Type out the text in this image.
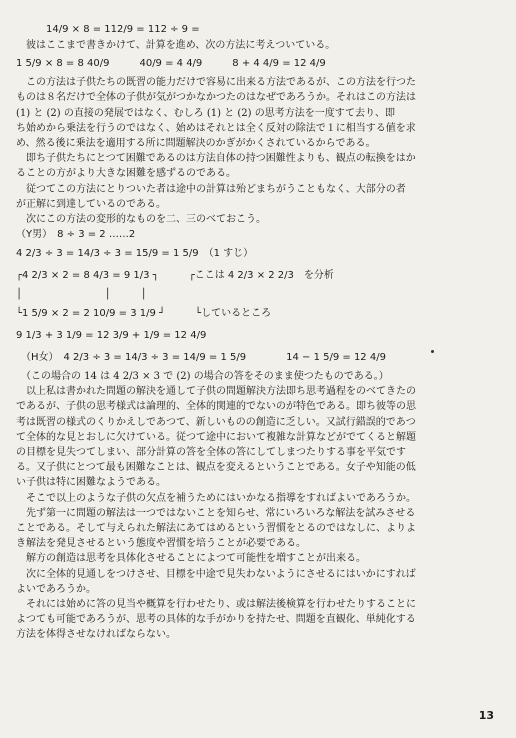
　　14/9 × 8 = 112/9 = 112 ÷ 9 =
　彼はここまで書きかけて、計算を進め、次の方法に考えついている。
1 5/9 × 8 = 8 40/9　　　40/9 = 4 4/9　　　8 + 4 4/9 = 12 4/9
　この方法は子供たちの既習の能力だけで容易に出来る方法であるが、この方法を行つた
ものは８名だけで全体の子供が気がつかなかつたのはなぜであろうか。それはこの方法は
(1) と (2) の直接の発展ではなく、むしろ (1) と (2) の思考方法を一度すて去り、即
ち始めから乗法を行うのではなく、始めはそれとは全く反対の除法で１に相当する値を求
め、然る後に乗法を適用する所に問題解決のかぎがかくされているからである。
　即ち子供たちにとつて困難であるのは方法自体の持つ困難性よりも、観点の転換をはか
ることの方がより大きな困難を感ずるのである。
　従つてこの方法にとりついた者は途中の計算は殆どまちがうこともなく、大部分の者
が正解に到達しているのである。
　次にこの方法の変形的なものを二、三のべておこう。
（Y男）　8 ÷ 3 = 2 ……2
4 2/3 ÷ 3 = 14/3 ÷ 3 = 15/9 = 1 5/9　（1 すじ）
┌4 2/3 × 2 = 8 4/3 = 9 1/3 ┐　　　┌ここは 4 2/3 × 2 2/3　を分析
│                          │　　　│
└1 5/9 × 2 = 2 10/9 = 3 1/9 ┘　　　└しているところ
9 1/3 + 3 1/9 = 12 3/9 + 1/9 = 12 4/9
　（H女）　4 2/3 ÷ 3 = 14/3 ÷ 3 = 14/9 = 1 5/9　　　　14 − 1 5/9 = 12 4/9
　（この場合の 14 は 4 2/3 × 3 で (2) の場合の答をそのまま使つたものである。）
　以上私は書かれた問題の解決を通して子供の問題解決方法即ち思考過程をのべてきたの
であるが、子供の思考様式は論理的、全体的関連的でないのが特色である。即ち彼等の思
考は既習の様式のくりかえしであつて、新しいものの創造に乏しい。又試行錯誤的であつ
て全体的な見とおしに欠けている。従つて途中において複雑な計算などがでてくると解題
の目標を見失つてしまい、部分計算の答を全体の答にしてしまつたりする事を平気です
る。又子供にとつて最も困難なことは、観点を変えるということである。女子や知能の低
い子供は特に困難なようである。
　そこで以上のような子供の欠点を補うためにはいかなる指導をすればよいであろうか。
　先ず第一に問題の解法は一つではないことを知らせ、常にいろいろな解法を試みさせる
ことである。そして与えられた解法にあてはめるという習慣をとるのではなしに、よりよ
き解法を発見させるという態度や習慣を培うことが必要である。
　解方の創造は思考を具体化させることによつて可能性を増すことが出来る。
　次に全体的見通しをつけさせ、目標を中途で見失わないようにさせるにはいかにすれば
よいであろうか。
　それには始めに答の見当や概算を行わせたり、或は解法後検算を行わせたりすることに
よつても可能であろうが、思考の具体的な手がかりを持たせ、問題を直観化、単純化する
方法を体得させなければならない。
13
